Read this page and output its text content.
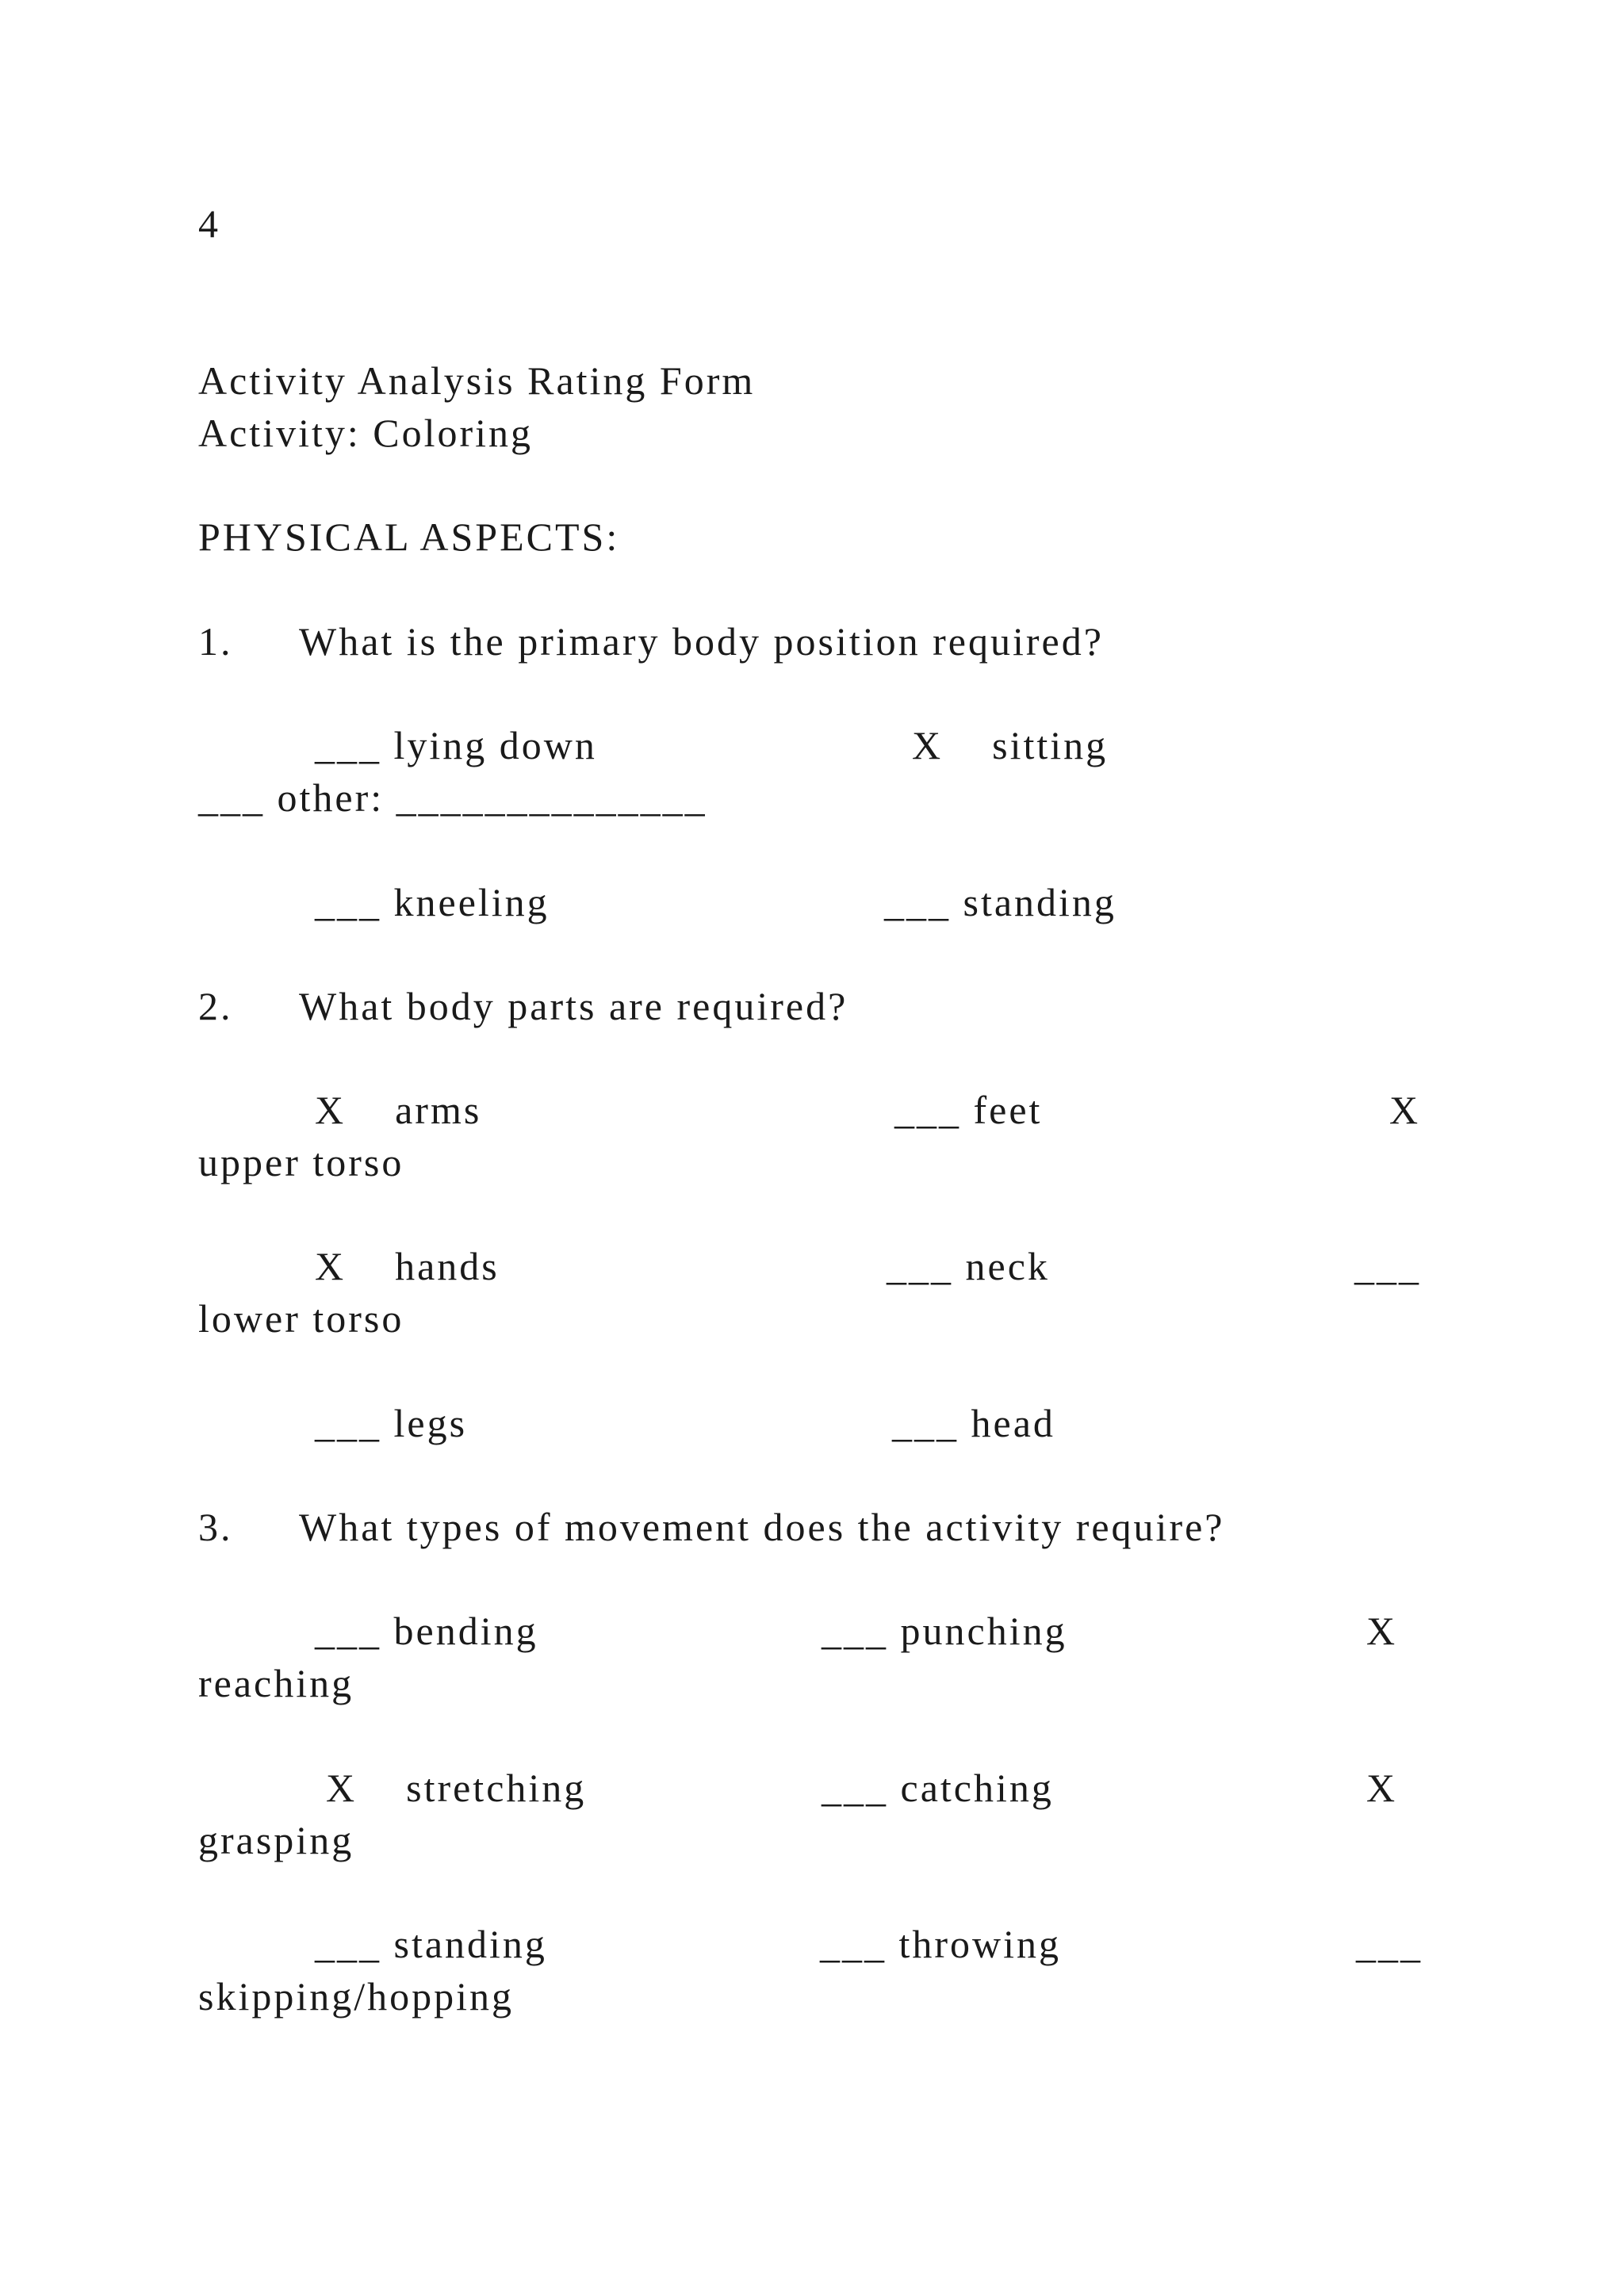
4

Activity Analysis Rating Form

Activity: Coloring

PHYSICAL ASPECTS:

1. What is the primary body position required?

___ lying down	X    sitting

___ other: ______________

___ kneeling	___ standing

2. What body parts are required?

X    arms	___ feet	X

upper torso

X    hands	___ neck	___

lower torso

___ legs	___ head

3. What types of movement does the activity require?

___ bending	___ punching	X

reaching

X    stretching	___ catching	X

grasping

___ standing	___ throwing	___

skipping/hopping
